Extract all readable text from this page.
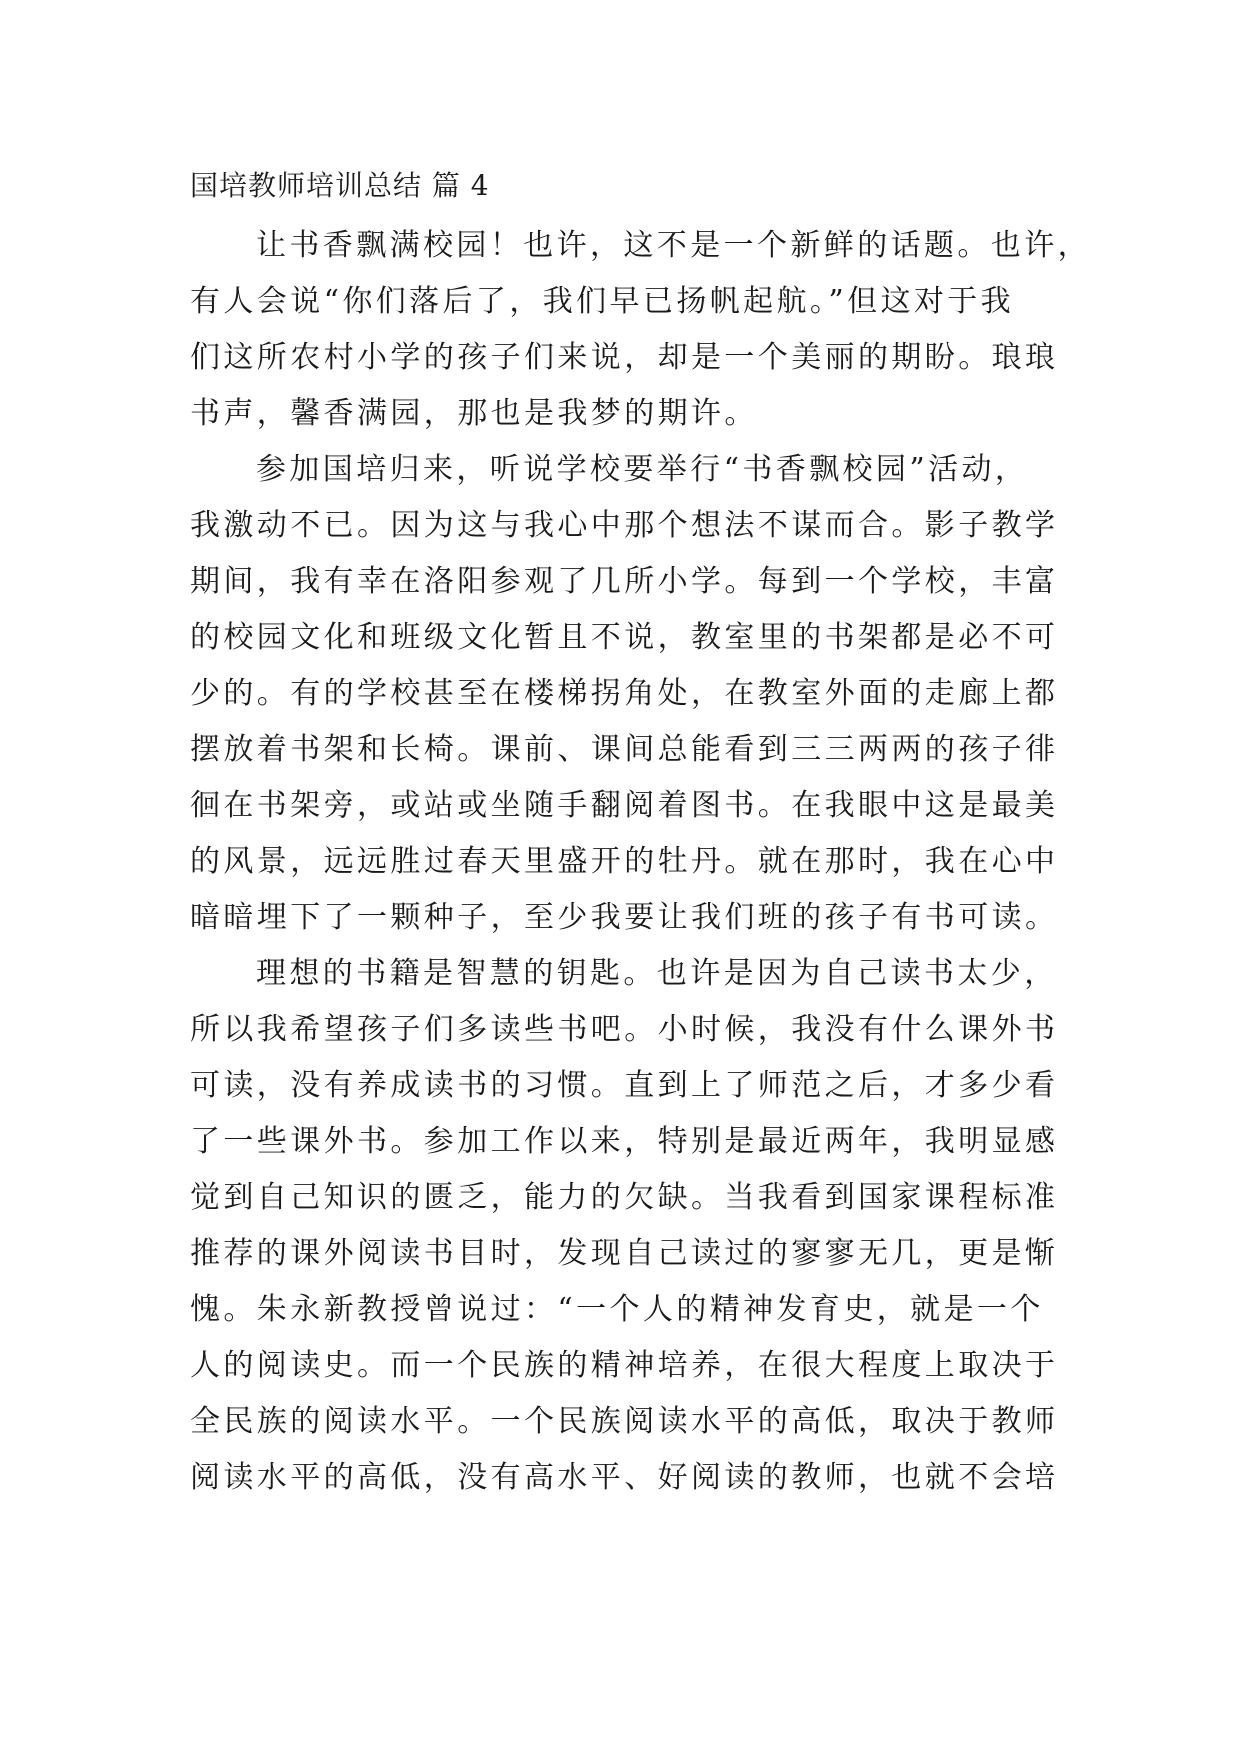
国培教师培训总结 篇 4
让书香飘满校园！也许，这不是一个新鲜的话题。也许，
有人会说“你们落后了，我们早已扬帆起航。”但这对于我
们这所农村小学的孩子们来说，却是一个美丽的期盼。琅琅
书声，馨香满园，那也是我梦的期许。
参加国培归来，听说学校要举行“书香飘校园”活动，
我激动不已。因为这与我心中那个想法不谋而合。影子教学
期间，我有幸在洛阳参观了几所小学。每到一个学校，丰富
的校园文化和班级文化暂且不说，教室里的书架都是必不可
少的。有的学校甚至在楼梯拐角处，在教室外面的走廊上都
摆放着书架和长椅。课前、课间总能看到三三两两的孩子徘
徊在书架旁，或站或坐随手翻阅着图书。在我眼中这是最美
的风景，远远胜过春天里盛开的牡丹。就在那时，我在心中
暗暗埋下了一颗种子，至少我要让我们班的孩子有书可读。
理想的书籍是智慧的钥匙。也许是因为自己读书太少，
所以我希望孩子们多读些书吧。小时候，我没有什么课外书
可读，没有养成读书的习惯。直到上了师范之后，才多少看
了一些课外书。参加工作以来，特别是最近两年，我明显感
觉到自己知识的匮乏，能力的欠缺。当我看到国家课程标准
推荐的课外阅读书目时，发现自己读过的寥寥无几，更是惭
愧。朱永新教授曾说过：“一个人的精神发育史，就是一个
人的阅读史。而一个民族的精神培养，在很大程度上取决于
全民族的阅读水平。一个民族阅读水平的高低，取决于教师
阅读水平的高低，没有高水平、好阅读的教师，也就不会培
